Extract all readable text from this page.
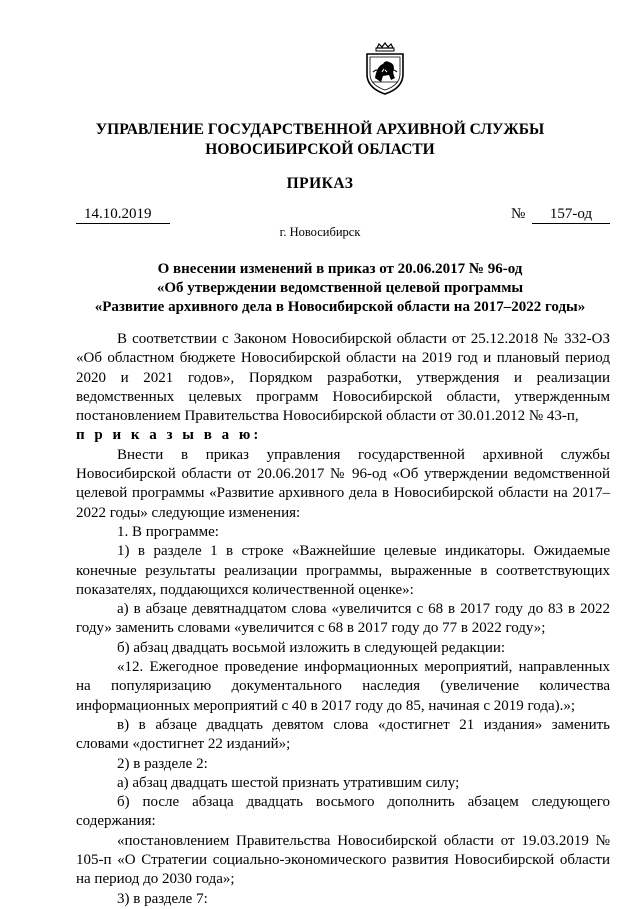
УПРАВЛЕНИЕ ГОСУДАРСТВЕННОЙ АРХИВНОЙ СЛУЖБЫ
НОВОСИБИРСКОЙ ОБЛАСТИ
ПРИКАЗ
14.10.2019	№	157-од
г. Новосибирск
О внесении изменений в приказ от 20.06.2017 № 96-од
«Об утверждении ведомственной целевой программы
«Развитие архивного дела в Новосибирской области на 2017–2022 годы»

В соответствии с Законом Новосибирской области от 25.12.2018 № 332-ОЗ «Об областном бюджете Новосибирской области на 2019 год и плановый период 2020 и 2021 годов», Порядком разработки, утверждения и реализации ведомственных целевых программ Новосибирской области, утвержденным постановлением Правительства Новосибирской области от 30.01.2012 № 43-п,

п р и к а з ы в а ю:

Внести в приказ управления государственной архивной службы Новосибирской области от 20.06.2017 № 96-од «Об утверждении ведомственной целевой программы «Развитие архивного дела в Новосибирской области на 2017–2022 годы» следующие изменения:

1. В программе:

1) в разделе 1 в строке «Важнейшие целевые индикаторы. Ожидаемые конечные результаты реализации программы, выраженные в соответствующих показателях, поддающихся количественной оценке»:

а) в абзаце девятнадцатом слова «увеличится с 68 в 2017 году до 83 в 2022 году» заменить словами «увеличится с 68 в 2017 году до 77 в 2022 году»;

б) абзац двадцать восьмой изложить в следующей редакции:

«12. Ежегодное проведение информационных мероприятий, направленных на популяризацию документального наследия (увеличение количества информационных мероприятий с 40 в 2017 году до 85, начиная с 2019 года).»;

в) в абзаце двадцать девятом слова «достигнет 21 издания» заменить словами «достигнет 22 изданий»;

2) в разделе 2:

а) абзац двадцать шестой признать утратившим силу;

б) после абзаца двадцать восьмого дополнить абзацем следующего содержания:

«постановлением Правительства Новосибирской области от 19.03.2019 № 105-п «О Стратегии социально-экономического развития Новосибирской области на период до 2030 года»;

3) в разделе 7:
